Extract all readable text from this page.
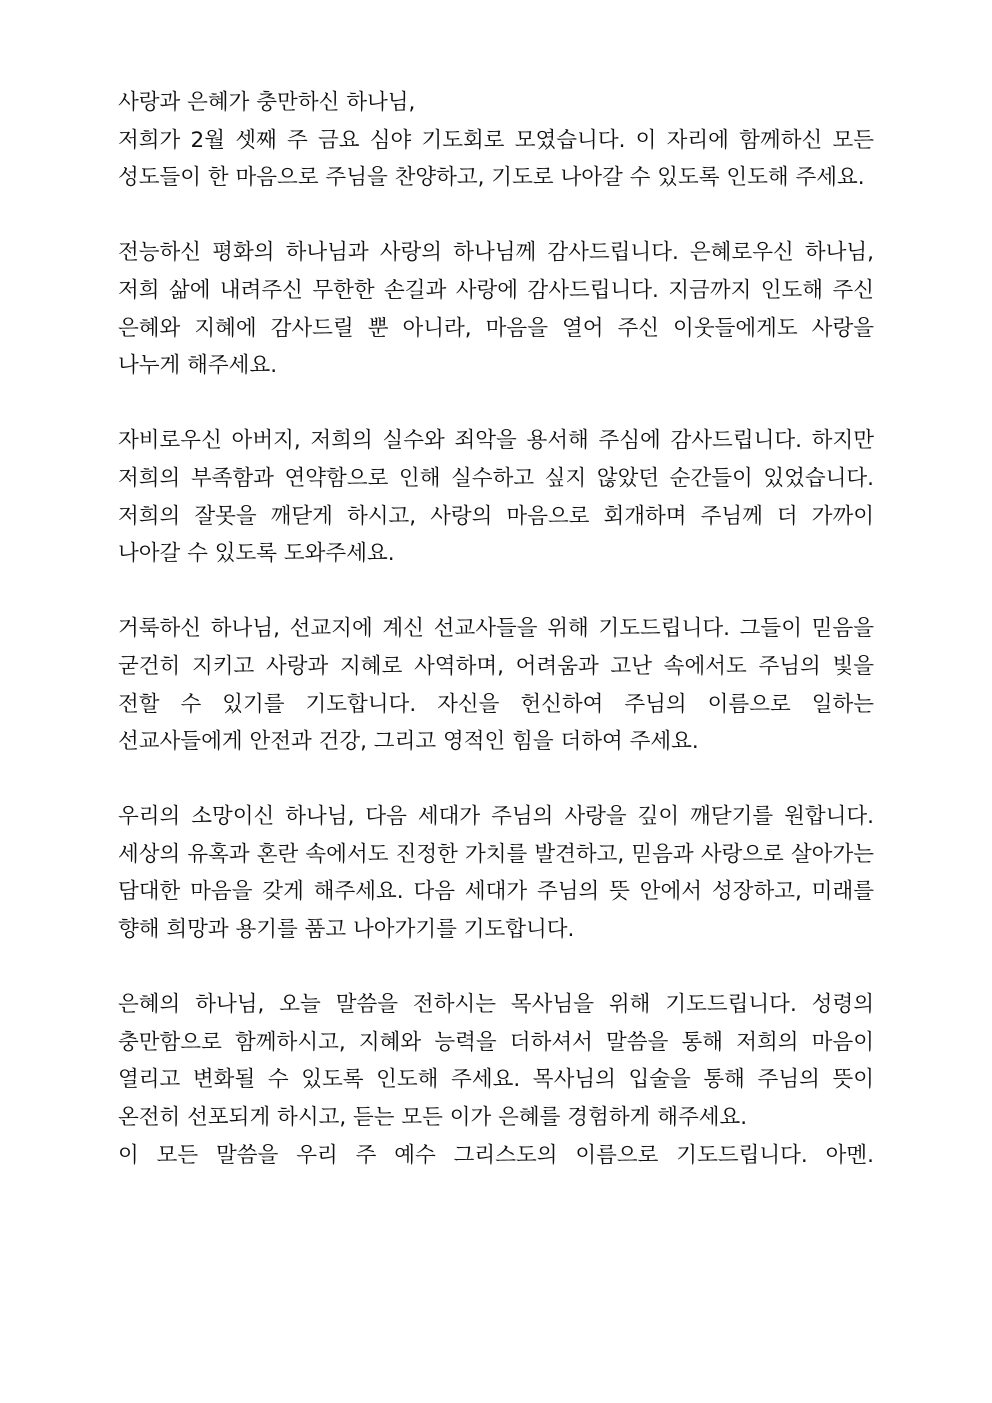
사랑과 은혜가 충만하신 하나님,

저희가 2월 셋째 주 금요 심야 기도회로 모였습니다. 이 자리에 함께하신 모든 성도들이 한 마음으로 주님을 찬양하고, 기도로 나아갈 수 있도록 인도해 주세요.

전능하신 평화의 하나님과 사랑의 하나님께 감사드립니다. 은혜로우신 하나님, 저희 삶에 내려주신 무한한 손길과 사랑에 감사드립니다. 지금까지 인도해 주신 은혜와 지혜에 감사드릴 뿐 아니라, 마음을 열어 주신 이웃들에게도 사랑을 나누게 해주세요.

자비로우신 아버지, 저희의 실수와 죄악을 용서해 주심에 감사드립니다. 하지만 저희의 부족함과 연약함으로 인해 실수하고 싶지 않았던 순간들이 있었습니다. 저희의 잘못을 깨닫게 하시고, 사랑의 마음으로 회개하며 주님께 더 가까이 나아갈 수 있도록 도와주세요.

거룩하신 하나님, 선교지에 계신 선교사들을 위해 기도드립니다. 그들이 믿음을 굳건히 지키고 사랑과 지혜로 사역하며, 어려움과 고난 속에서도 주님의 빛을 전할 수 있기를 기도합니다. 자신을 헌신하여 주님의 이름으로 일하는 선교사들에게 안전과 건강, 그리고 영적인 힘을 더하여 주세요.

우리의 소망이신 하나님, 다음 세대가 주님의 사랑을 깊이 깨닫기를 원합니다. 세상의 유혹과 혼란 속에서도 진정한 가치를 발견하고, 믿음과 사랑으로 살아가는 담대한 마음을 갖게 해주세요. 다음 세대가 주님의 뜻 안에서 성장하고, 미래를 향해 희망과 용기를 품고 나아가기를 기도합니다.

은혜의 하나님, 오늘 말씀을 전하시는 목사님을 위해 기도드립니다. 성령의 충만함으로 함께하시고, 지혜와 능력을 더하셔서 말씀을 통해 저희의 마음이 열리고 변화될 수 있도록 인도해 주세요. 목사님의 입술을 통해 주님의 뜻이 온전히 선포되게 하시고, 듣는 모든 이가 은혜를 경험하게 해주세요.

이 모든 말씀을 우리 주 예수 그리스도의 이름으로 기도드립니다. 아멘.
